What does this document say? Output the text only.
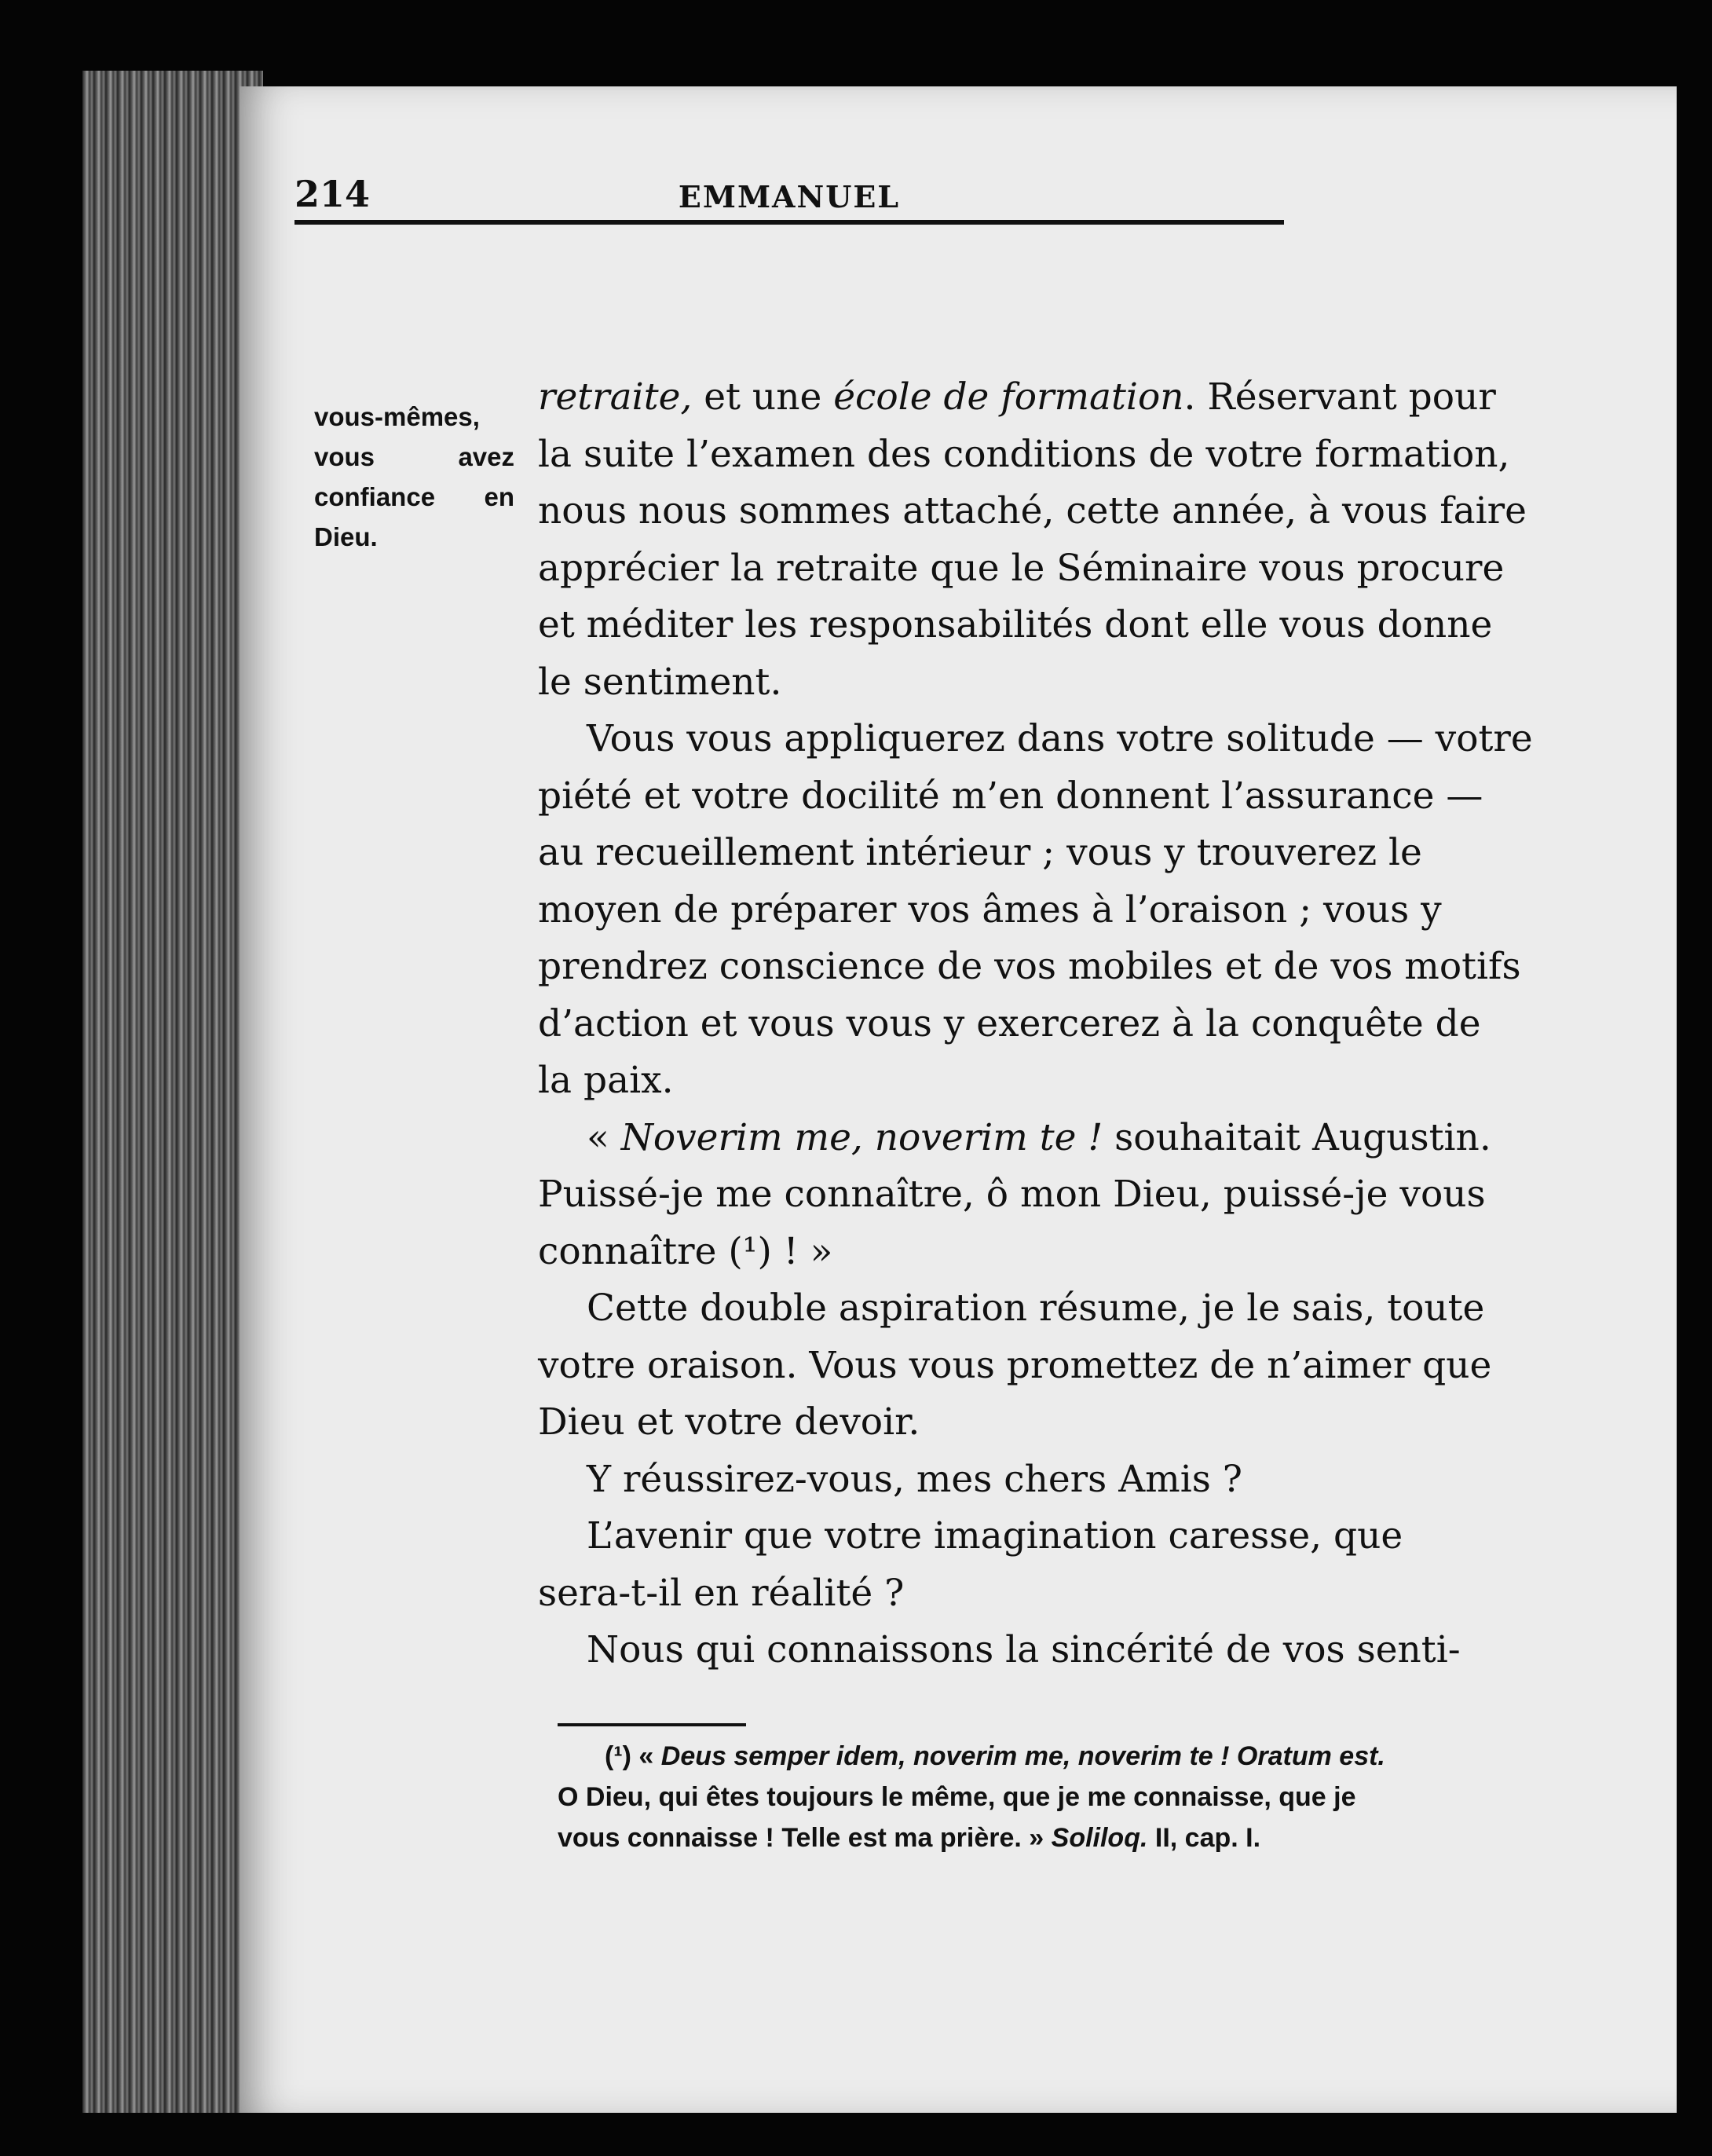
214	EMMANUEL
vous-mêmes, vous avez confiance en Dieu.
retraite, et une école de formation. Réservant pour
la suite l’examen des conditions de votre formation,
nous nous sommes attaché, cette année, à vous faire
apprécier la retraite que le Séminaire vous procure
et méditer les responsabilités dont elle vous donne
le sentiment.
Vous vous appliquerez dans votre solitude — votre
piété et votre docilité m’en donnent l’assurance —
au recueillement intérieur ; vous y trouverez le
moyen de préparer vos âmes à l’oraison ; vous y
prendrez conscience de vos mobiles et de vos motifs
d’action et vous vous y exercerez à la conquête de
la paix.
« Noverim me, noverim te ! souhaitait Augustin.
Puissé-je me connaître, ô mon Dieu, puissé-je vous
connaître (¹) ! »
Cette double aspiration résume, je le sais, toute
votre oraison. Vous vous promettez de n’aimer que
Dieu et votre devoir.
Y réussirez-vous, mes chers Amis ?
L’avenir que votre imagination caresse, que
sera-t-il en réalité ?
Nous qui connaissons la sincérité de vos senti-
(¹) « Deus semper idem, noverim me, noverim te ! Oratum est.
O Dieu, qui êtes toujours le même, que je me connaisse, que je
vous connaisse ! Telle est ma prière. » Soliloq. II, cap. I.
